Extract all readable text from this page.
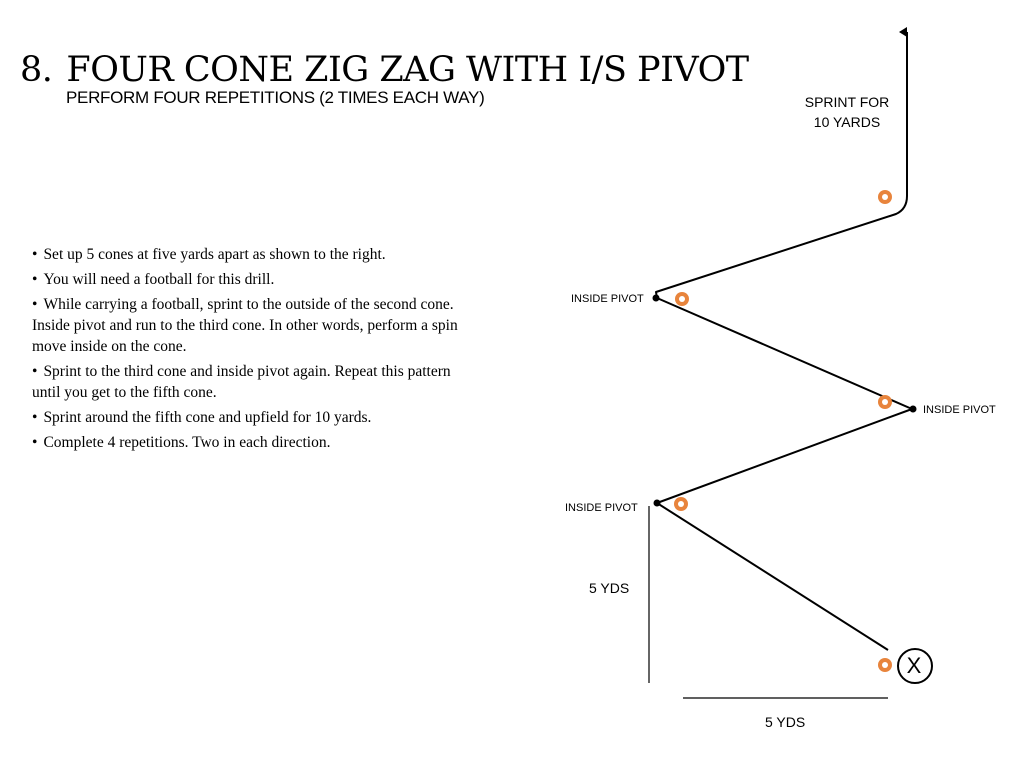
8. FOUR CONE ZIG ZAG WITH I/S PIVOT
PERFORM FOUR REPETITIONS (2 TIMES EACH WAY)
• Set up 5 cones at five yards apart as shown to the right.
• You will need a football for this drill.
• While carrying a football, sprint to the outside of the second cone. Inside pivot and run to the third cone. In other words, perform a spin move inside on the cone.
• Sprint to the third cone and inside pivot again. Repeat this pattern until you get to the fifth cone.
• Sprint around the fifth cone and upfield for 10 yards.
• Complete 4 repetitions. Two in each direction.
INSIDE PIVOT
INSIDE PIVOT
INSIDE PIVOT
SPRINT FOR
10 YARDS
5 YDS
5 YDS
X
